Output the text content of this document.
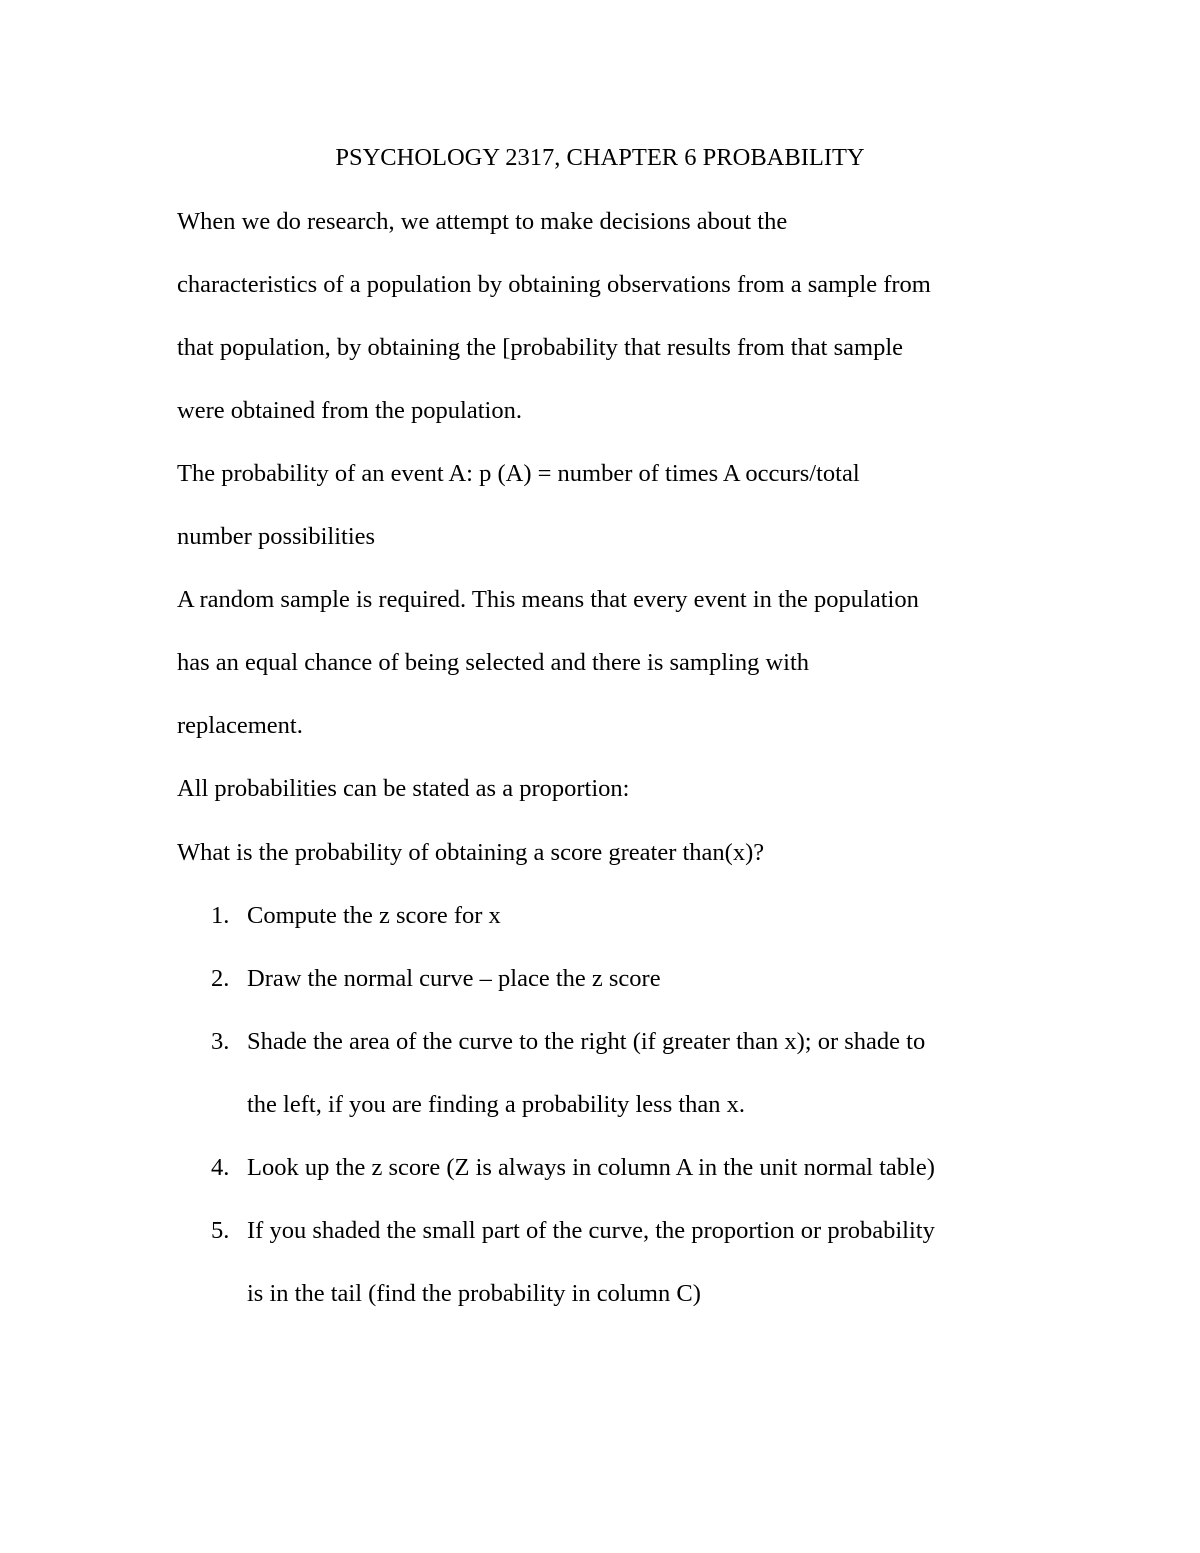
PSYCHOLOGY 2317, CHAPTER 6 PROBABILITY

When we do research, we attempt to make decisions about the

characteristics of a population by obtaining observations from a sample from

that population, by obtaining the [probability that results from that sample

were obtained from the population.

The probability of an event A: p (A) = number of times A occurs/total

number possibilities

A random sample is required. This means that every event in the population

has an equal chance of being selected and there is sampling with

replacement.

All probabilities can be stated as a proportion:

What is the probability of obtaining a score greater than(x)?

1. Compute the z score for x
2. Draw the normal curve – place the z score
3. Shade the area of the curve to the right (if greater than x); or shade to
the left, if you are finding a probability less than x.
4. Look up the z score (Z is always in column A in the unit normal table)
5. If you shaded the small part of the curve, the proportion or probability
is in the tail (find the probability in column C)
